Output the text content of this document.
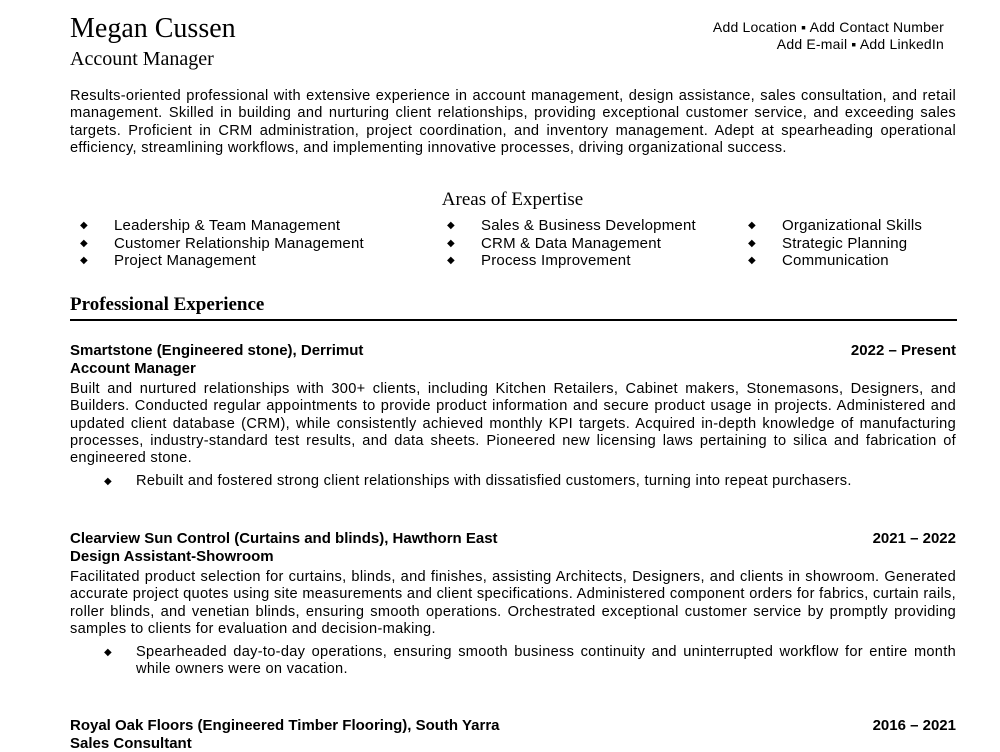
Megan Cussen
Account Manager
Add Location ▪ Add Contact Number
Add E-mail ▪ Add LinkedIn
Results-oriented professional with extensive experience in account management, design assistance, sales consultation, and retail management. Skilled in building and nurturing client relationships, providing exceptional customer service, and exceeding sales targets. Proficient in CRM administration, project coordination, and inventory management. Adept at spearheading operational efficiency, streamlining workflows, and implementing innovative processes, driving organizational success.
Areas of Expertise
◆ Leadership & Team Management
◆ Customer Relationship Management
◆ Project Management
◆ Sales & Business Development
◆ CRM & Data Management
◆ Process Improvement
◆ Organizational Skills
◆ Strategic Planning
◆ Communication
Professional Experience
Smartstone (Engineered stone), Derrimut	2022 – Present
Account Manager
Built and nurtured relationships with 300+ clients, including Kitchen Retailers, Cabinet makers, Stonemasons, Designers, and Builders. Conducted regular appointments to provide product information and secure product usage in projects. Administered and updated client database (CRM), while consistently achieved monthly KPI targets. Acquired in-depth knowledge of manufacturing processes, industry-standard test results, and data sheets. Pioneered new licensing laws pertaining to silica and fabrication of engineered stone.
◆ Rebuilt and fostered strong client relationships with dissatisfied customers, turning into repeat purchasers.
Clearview Sun Control (Curtains and blinds), Hawthorn East	2021 – 2022
Design Assistant-Showroom
Facilitated product selection for curtains, blinds, and finishes, assisting Architects, Designers, and clients in showroom. Generated accurate project quotes using site measurements and client specifications. Administered component orders for fabrics, curtain rails, roller blinds, and venetian blinds, ensuring smooth operations. Orchestrated exceptional customer service by promptly providing samples to clients for evaluation and decision-making.
◆ Spearheaded day-to-day operations, ensuring smooth business continuity and uninterrupted workflow for entire month while owners were on vacation.
Royal Oak Floors (Engineered Timber Flooring), South Yarra	2016 – 2021
Sales Consultant
